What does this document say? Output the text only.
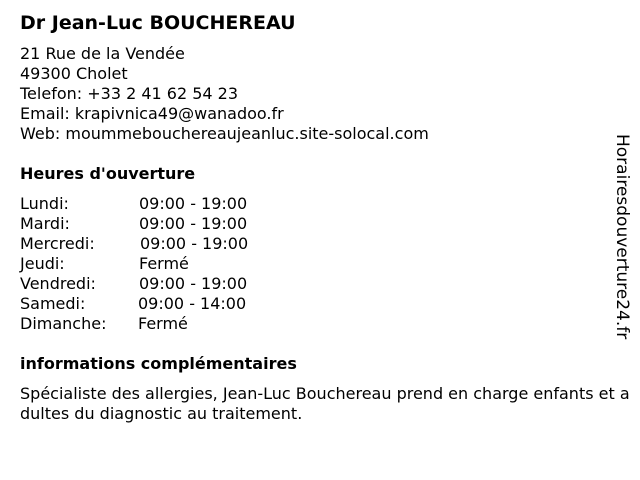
Dr Jean-Luc BOUCHEREAU
21 Rue de la Vendée
49300 Cholet
Telefon: +33 2 41 62 54 23
Email: krapivnica49@wanadoo.fr
Web: moummeboucherea​ujeanluc.site-solocal.com
Heures d'ouverture
Lundi:	09:00 - 19:00
Mardi:	09:00 - 19:00
Mercredi:	09:00 - 19:00
Jeudi:	Fermé
Vendredi:	09:00 - 19:00
Samedi:	09:00 - 14:00
Dimanche: Fermé
informations complémentaires
Spécialiste des allergies, Jean-Luc Bouchereau prend en charge enfants et adultes du diagnostic au traitement.
Horairesdouverture24.fr
